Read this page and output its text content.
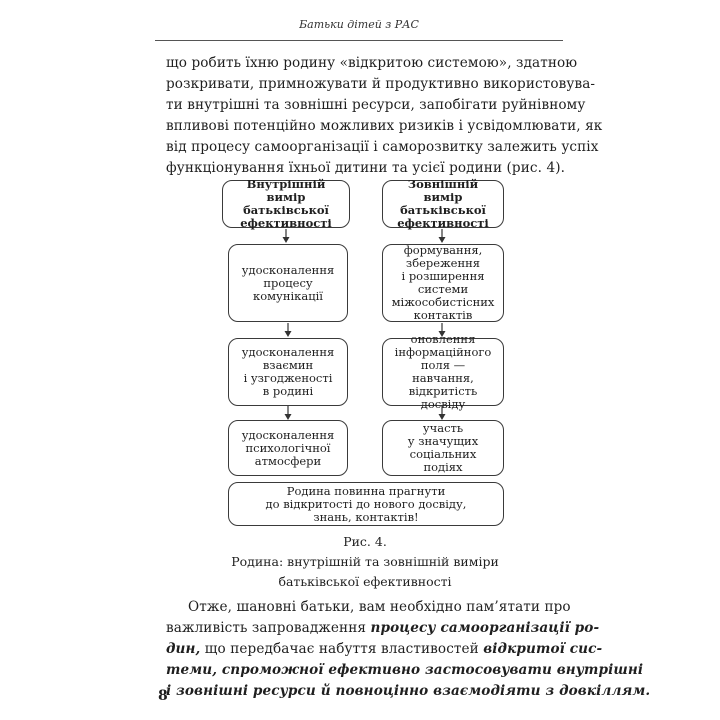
Батьки дітей з РАС
що робить їхню родину «відкритою системою», здатною
розкривати, примножувати й продуктивно використовува-
ти внутрішні та зовнішні ресурси, запобігати руйнівному
впливові потенційно можливих ризиків і усвідомлювати, як
від процесу самоорганізації і саморозвитку залежить успіх
функціонування їхньої дитини та усієї родини (рис. 4).
Внутрішній вимір
батьківської
ефективності
удосконалення
процесу
комунікації
удосконалення
взаємин
і узгодженості
в родині
удосконалення
психологічної
атмосфери
Зовнішній вимір
батьківської
ефективності
формування,
збереження
і розширення
системи
міжособистісних
контактів
оновлення
інформаційного
поля — навчання,
відкритість
досвіду
участь
у значущих
соціальних
подіях
Родина повинна прагнути
до відкритості до нового досвіду,
знань, контактів!
Рис. 4.
Родина: внутрішній та зовнішній виміри
батьківської ефективності
Отже, шановні батьки, вам необхідно пам’ятати про
важливість запровадження процесу самоорганізації ро-
дин, що передбачає набуття властивостей відкритої сис-
теми, спроможної ефективно застосовувати внутрішні
і зовнішні ресурси й повноцінно взаємодіяти з довкіллям.
8
